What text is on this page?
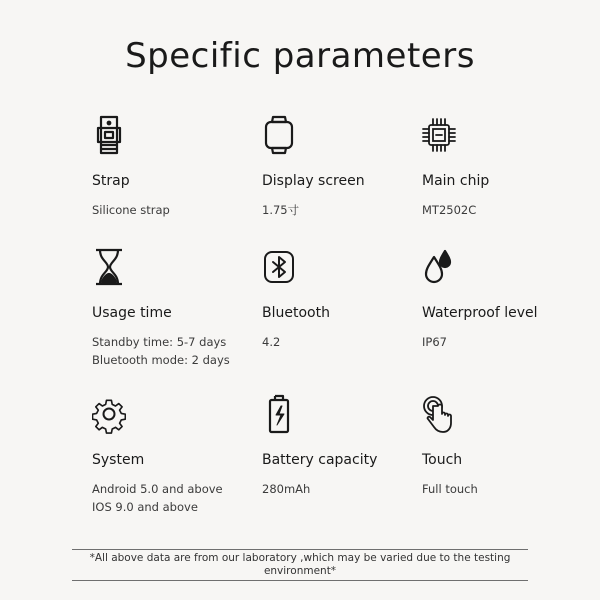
Specific parameters
Strap
Silicone strap
Display screen
1.75寸
Main chip
MT2502C
Usage time
Standby time: 5-7 days
Bluetooth mode: 2 days
Bluetooth
4.2
Waterproof level
IP67
System
Android 5.0 and above
IOS 9.0 and above
Battery capacity
280mAh
Touch
Full touch
*All above data are from our laboratory ,which may be varied due to the testing
environment*
